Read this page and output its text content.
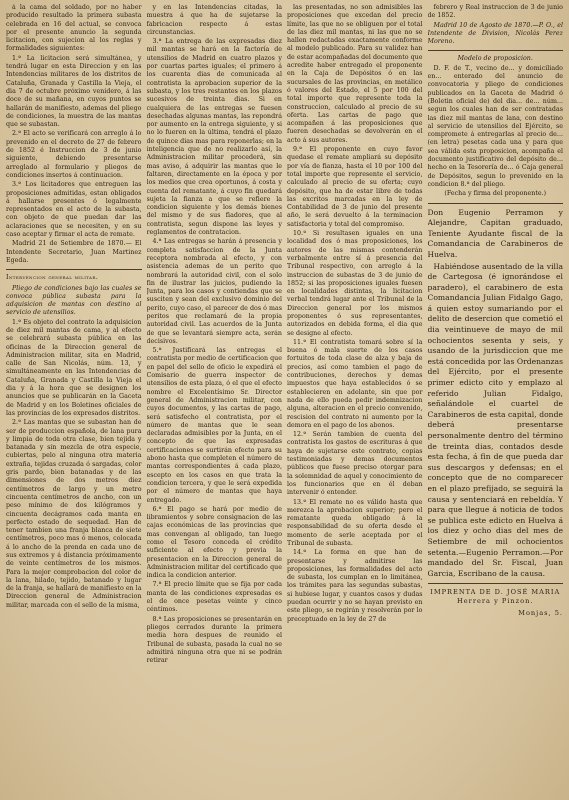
á la cama del soldado, por no haber producido resultado la primera subasta celebrada en 16 del actual, se convoca por el presente anuncio la segunda licitacion, con sujecion al los reglas y formalidades siguientes:

1.ª La licitacion será simultánea, y tendrá lugar en esta Direccion y en las Intendencias militares de los distritos de Cataluña, Granada y Castilla la Vieja, el dia 7 de octubre próximo venidero, á las doce de su mañana, en cuyos puntos se hallarán de manifiesto, ademas del pliego de condiciones, la muestra de las mantas que se subastan.

2.ª El acto se verificará con arreglo á lo prevenido en el decreto de 27 de febrero de 1852 é Instruccion de 3 de junio siguiente, debiendo presentarse arreglado al formulario y pliegos de condiciones insertos á continuacion.

3.ª Los licitadores que entreguen las proposiciones admitidas, estan obligados á hallarse presentes ó legalmente representados en el acto de la subasta, con objeto de que puedan dar las aclaraciones que se necesiten, y en su caso aceptar y firmar el acta de remate.

Madrid 21 de Setiembre de 1870.— El Intendente Secretario, Juan Martinez Egeda.

Intervencion general militar.

Pliego de condiciones bajo las cuales se convoca pública subasta para la adquisicion de mantas con destino al servicio de utensilios.

1.ª Es objeto del contrato la adquisicion de diez mil mantas de cama, y al efecto se celebrará subasta pública en las oficinas de la Direccion general de Administracion militar, sita en Madrid, calle de San Nicolás, núm. 13, y simultáneamente en las Intendencias de Cataluña, Granada y Castilla la Vieja el dia y á la hora que se designen los anuncios que se publicarán en la Gaceta de Madrid y en los Boletines oficiales de las provincias de los expresados distritos.

2.ª Las mantas que se subastan han de ser de produccion española, de lana pura y limpia de toda otra clase, bien tejida y batanada y sin mezcla de otra especie, cubiertas, pelo al ninguna otra materia extraña, tejidas cruzada ó sargadas, color gris pardo, bien batanadas y de las dimensiones de dos metros diez centímetros de largo y un metro cincuenta centímetros de ancho, con un peso mínimo de dos kilógramos y cincuenta decágramos cada manta en perfecto estado de sequedad. Han de tener tambien una franja blanca de siete centímetros, poco mas ó menos, colocada á lo ancho de la prenda en cada uno de sus extremos y á distancia próximamente de veinte centímetros de los mismos. Para la mejor comprobacion del color de la lana, hilado, tejido, batanado y lugar de la franja, se hallará de manifiesto en la Direccion general de Administracion militar, marcada con el sello de la misma,

y en las Intendencias citadas, la muestra á que ha de sujetarse la fabricacion respecto á estas circunstancias.

3.ª La entrega de las expresadas diez mil mantas se hará en la factoría de utensilios de Madrid en cuatro plazos y por cuartas partes iguales; el primero á los cuarenta dias de comunicada al contratista la aprobacion superior de la subasta, y los tres restantes en los plazos sucesivos de treinta dias. Si en cualquiera de las entregas se fuesen desechadas algunas mantas, las repondrá por aumento en la entrega siguiente, y si no lo fueren en la última, tendrá el plazo de quince dias mas para reponerlas; en la inteligencia que de no realizarlo así, la Administracion militar procederá, sin mas aviso, á adquirir las mantas que le faltaren, directamente en la época y por los medios que crea oportunos, á costa y cuenta del rematante, á cuyo fin quedará sujeta la fianza a que se refiere la condicion siguiente y los demás bienes del mismo y de sus fiadores, que al contratista, segun dispone las leyes y reglamentos de contratacion.

4.ª Las entregas se harán á presencia y completa satisfaccion de la Junta receptora nombrada al efecto, y con asistencia ademas de un perito que nombrará la autoridad civil, con el solo fin de ilustrar las juicios, pudiendo la Junta, para los casos y contiendas que se susciten y sean del exclusivo dominio del perito, cuyo caso, el parecer de dos ó mas peritos que reclamará de la propia autoridad civil. Las acuerdos de la Junta de que se levantará siempre acta, serán decisivos.

5.ª Justificará las entregas el contratista por medio de certificacion que en papel del sello de oficio le expedirá el Comisario de guerra inspector de utensilios de esta plaza, ó el que el efecto nombre el Excelentísimo Sr. Director general de Administracion militar, con cuyos documentos, y las cartas de pago, será satisfecho el contratista, por el número de mantas que le sean declaradas admisibles por la Junta, en el concepto de que las expresadas certificaciones se surtirán efecto para su abono hasta que completen el número de mantas correspondientes á cada plazo, escepto en los casos en que trata la condicion tercera, y que le será expedida por el número de mantas que haya entregado.

6.ª El pago se hará por medio de libramientos y sobre consignacion de las cajas económicas de las provincias que mas convengan al obligado, tan luego como el Tesoro conceda el crédito suficiente al efecto y previa la presentacion en la Direccion general de Administracion militar del certificado que indica la condicion anterior.

7.ª El precio límite que se fija por cada manta de las condiciones expresadas es el de once pesetas veinte y cinco céntimos.

8.ª Las proposiciones se presentarán en pliegos cerrados durante la primera media hora despues de reunido el Tribunal de subasta, pasada la cual no se admitirá ninguna otra que ni se podrán retirar

las presentadas, no son admisibles las proposiciones que excedan del precio límite, las que no se obliguen por el total de las diez mil mantas, ni las que no se hallen redactadas exactamente conforme al modelo publicado. Para su validez han de estar acompañadas del documento que acredite haber entregado el proponente en la Caja de Depósitos ó en las sucursales de las provincias, en metálico ó valores del Estado, el 5 por 100 del total importe que represente toda la construccion, calculado al precio de su oferta. Las cartas de pago que acompañen á las proposiciones que fueren desechadas se devolverán en el acto á sus autores.

9.ª El proponente en cuyo favor quedase el remate ampliará su depósito por vía de fianza, hasta el 10 por 100 del total importe que represente el servicio, calculado al precio de su oferta; cuyo depósito, que ha de estar libre de todas las excritos marcadas en la ley de Contabilidad de 3 de junio del presente año, le será devuelto á la terminacion satisfactoria y total del compromiso.

10.ª Si resultasen iguales en una localidad dos ó mas proposiciones, los autores de las mismas contenderán verbalmente entre sí á presencia del Tribunal respectivo, con arreglo á la instruccion de subastas de 3 de junio de 1852; si las proposiciones iguales fuesen en localidades distintas, la licitacion verbal tendrá lugar ante el Tribunal de la Direccion general por los mismos proponentes ó sus representantes, autorizados en debida forma, el dia que se designe al efecto.

11.ª El contratista tomará sobre sí la buena ó mala suerte de los casos fortuitos de toda clase de alza y baja de precios, así como tambien el pago de contribuciones, derechos y demas impuestos que haya establecidos ó se establecieren en adelante, sin que por nada de ello pueda pedir indemnizacion alguna, alteracion en el precio convenido, rescision del contrato ni aumento por la demora en el pago de los abonos.

12.ª Serán tambien de cuenta del contratista los gastos de escrituras á que haya de sujetarse este contrato, copias testimoniadas y demas documentos públicos que fuese preciso otorgar para la solemnidad de aquel y conocimiento de los funcionarios que en él deban intervenir ó entender.

13.ª El remate no es válido hasta que merezca la aprobacion superior; pero el rematante queda obligado á la responsabilidad de su oferta desde el momento de serle aceptada por el Tribunal de subasta.

14.ª La forma en que han de presentarse y admitirse las proposiciones, las formalidades del acto de subasta, los cumplan en lo limitánea, los trámites para las segundas subastas, si hubiese lugar, y cuantos casos y dudas puedan ocurrir y no se hayan previsto en este pliego, se regirán y resolverán por lo preceptuado en la ley de 27 de

febrero y Real instruccion de 3 de junio de 1852.

Madrid 10 de Agosto de 1870.—P. O., el Intendente de Division, Nicolás Perez Moreno.

Modelo de proposicion.

D. F. de T., vecino de... y domiciliado en... enterado del anuncio de convocatoria y pliego de condiciones publicados en la Gaceta de Madrid ó (Boletin oficial de) del dia... de... núm... segun los cuales han de ser contratadas las diez mil mantas de lana, con destino al servicio de utensilios del Ejército, se compromete á entregarlas al precio de... (en letra) pesetas cada una y para que sea válida esta proposicion, acompaña el documento justificativo del depósito de... hecho en la Tesorería de... ó Caja general de Depósitos, segun lo prevenido en la condicion 8.ª del pliego.

(Fecha y firma del proponente.)

Don Eugenio Perramon y Alejandre, Capitan graduado, Teniente Ayudante fiscal de la Comandancia de Carabineros de Huelva.

Habiéndose ausentado de la villa de Cartegosa (é ignorándose el paradero), el carabinero de esta Comandancia Julian Fidalgo Gago, á quien estoy sumariando por el delito de desercion que cometió el dia veintinueve de mayo de mil ochocientos sesenta y seis, y usando de la jurisdiccion que me está concedida por las Ordenanzas del Ejército, por el presente primer edicto cito y emplazo al referido Julian Fidalgo, señalándole el cuartel de Carabineros de esta capital, donde deberá presentarse personalmente dentro del término de treinta dias, contados desde esta fecha, á fin de que pueda dar sus descargos y defensas; en el concepto que de no comparecer en el plazo prefijado, se seguirá la causa y sentenciará en rebeldía. Y para que llegue á noticia de todos se publica este edicto en Huelva á los diez y ocho dias del mes de Setiembre de mil ochocientos setenta.—Eugenio Perramon.—Por mandado del Sr. Fiscal, Juan Garcia, Escribano de la causa.

IMPRENTA DE D. JOSÉ MARIA Herrera y Pinzon.
Monjas, 5.
